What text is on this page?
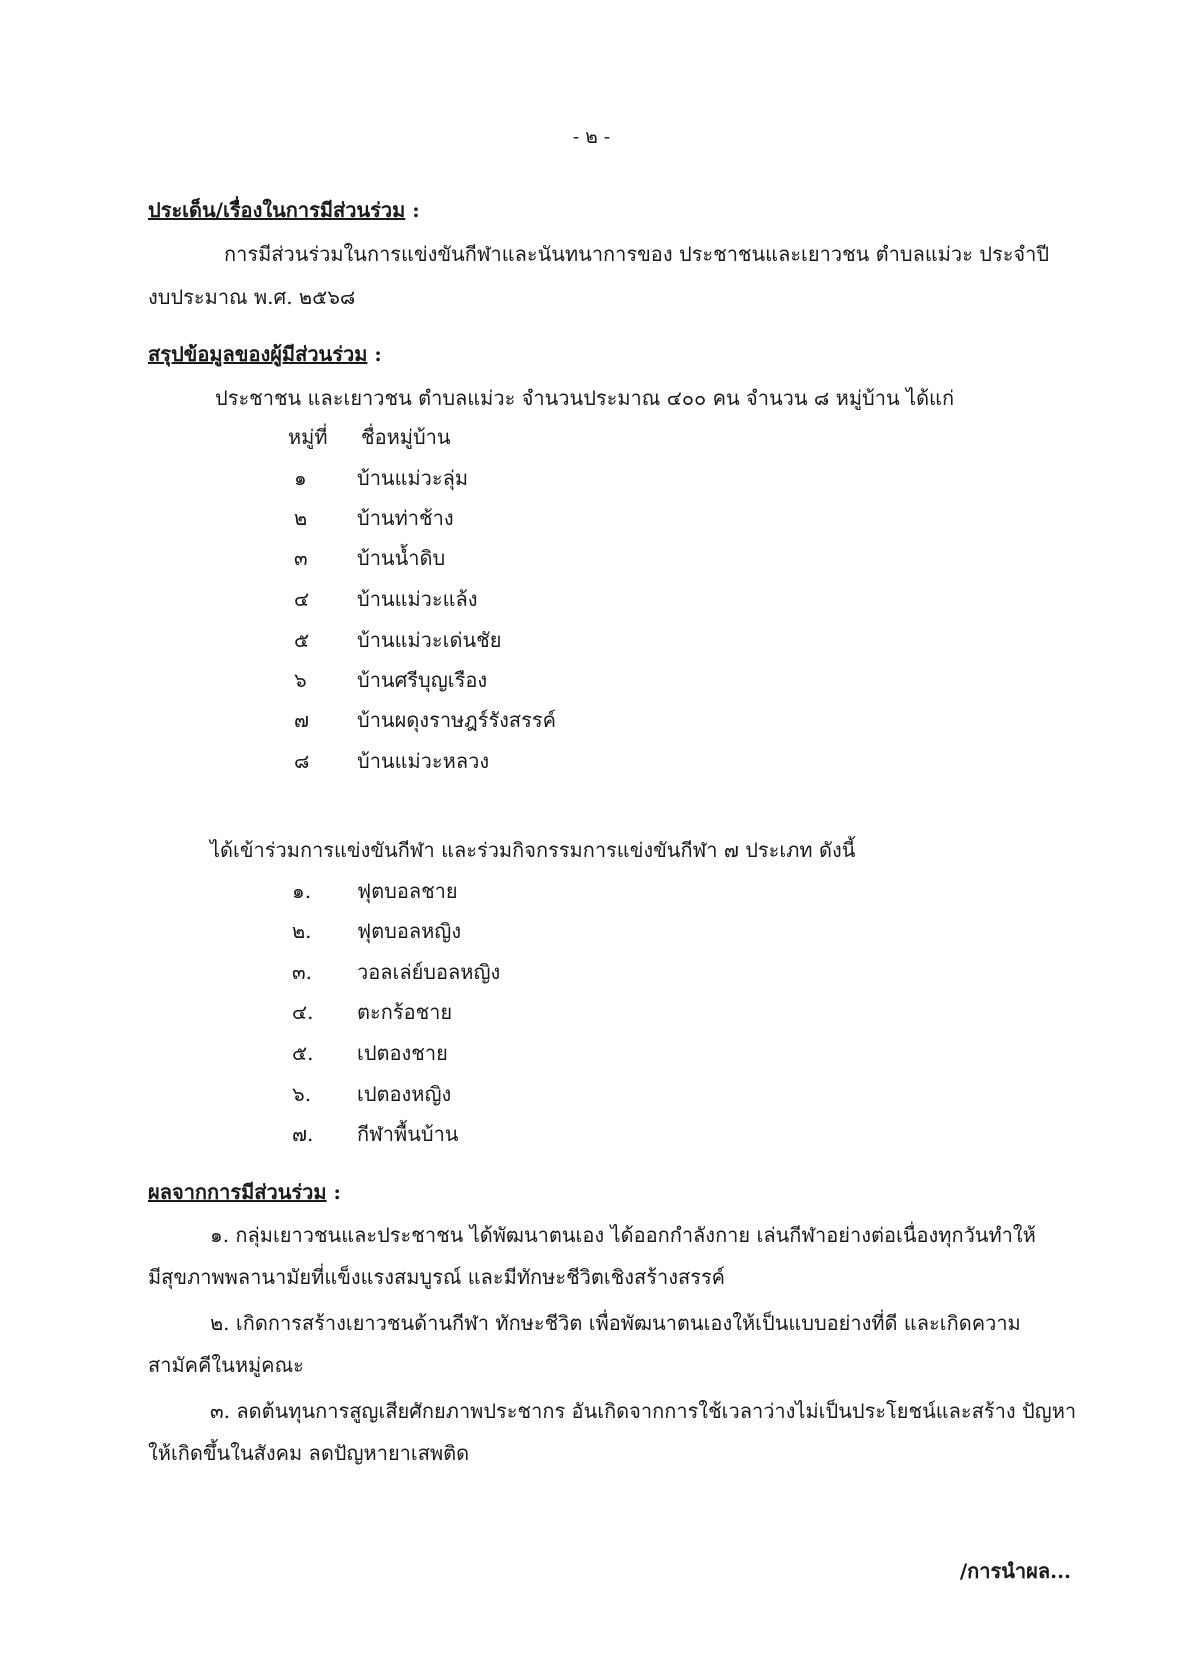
- ๒ -
ประเด็น/เรื่องในการมีส่วนร่วม :
การมีส่วนร่วมในการแข่งขันกีฬาและนันทนาการของ ประชาชนและเยาวชน ตำบลแม่วะ ประจำปี
งบประมาณ พ.ศ. ๒๕๖๘
สรุปข้อมูลของผู้มีส่วนร่วม :
ประชาชน และเยาวชน ตำบลแม่วะ จำนวนประมาณ ๔๐๐ คน จำนวน ๘ หมู่บ้าน ได้แก่
หมู่ที่ ชื่อหมู่บ้าน
๑	บ้านแม่วะลุ่ม
๒ บ้านท่าช้าง
๓ บ้านน้ำดิบ
๔ บ้านแม่วะแล้ง
๕ บ้านแม่วะเด่นชัย
๖	บ้านศรีบุญเรือง
๗ บ้านผดุงราษฎร์รังสรรค์
๘ บ้านแม่วะหลวง
ได้เข้าร่วมการแข่งขันกีฬา และร่วมกิจกรรมการแข่งขันกีฬา ๗ ประเภท ดังนี้
๑. ฟุตบอลชาย
๒. ฟุตบอลหญิง
๓. วอลเล่ย์บอลหญิง
๔. ตะกร้อชาย
๕. เปตองชาย
๖. เปตองหญิง
๗. กีฬาพื้นบ้าน
ผลจากการมีส่วนร่วม :
๑. กลุ่มเยาวชนและประชาชน ได้พัฒนาตนเอง ได้ออกกำลังกาย เล่นกีฬาอย่างต่อเนื่องทุกวันทำให้
มีสุขภาพพลานามัยที่แข็งแรงสมบูรณ์ และมีทักษะชีวิตเชิงสร้างสรรค์
๒. เกิดการสร้างเยาวชนด้านกีฬา ทักษะชีวิต เพื่อพัฒนาตนเองให้เป็นแบบอย่างที่ดี และเกิดความ
สามัคคีในหมู่คณะ
๓. ลดต้นทุนการสูญเสียศักยภาพประชากร อันเกิดจากการใช้เวลาว่างไม่เป็นประโยชน์และสร้าง ปัญหา
ให้เกิดขึ้นในสังคม ลดปัญหายาเสพติด
/การนำผล...
